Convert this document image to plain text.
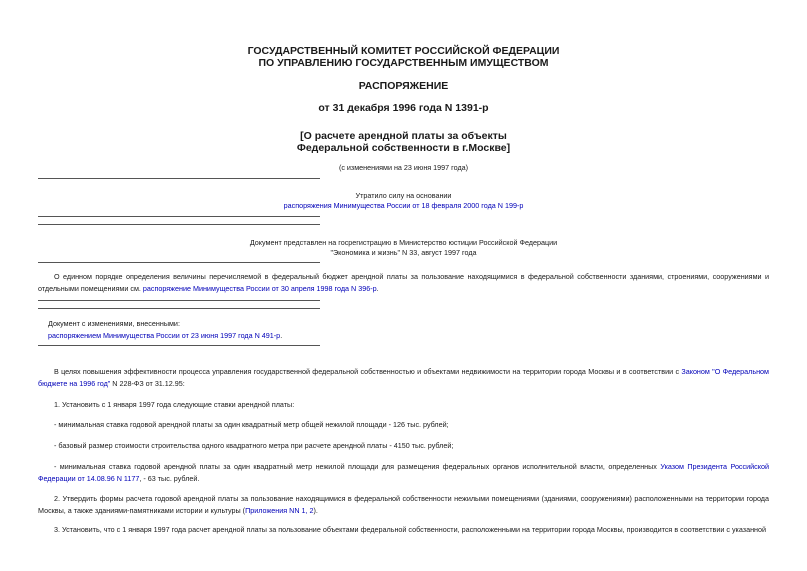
ГОСУДАРСТВЕННЫЙ КОМИТЕТ РОССИЙСКОЙ ФЕДЕРАЦИИ
ПО УПРАВЛЕНИЮ ГОСУДАРСТВЕННЫМ ИМУЩЕСТВОМ
РАСПОРЯЖЕНИЕ
от 31 декабря 1996 года N 1391-р
[О расчете арендной платы за объекты
Федеральной собственности в г.Москве]
(с изменениями на 23 июня 1997 года)
Утратило силу на основании
распоряжения Минимущества России от 18 февраля 2000 года N 199-р
Документ представлен на госрегистрацию в Министерство юстиции Российской Федерации
"Экономика и жизнь" N 33, август 1997 года
О единном порядке определения величины перечисляемой в федеральный бюджет арендной платы за пользование находящимися в федеральной собственности зданиями, строениями, сооружениями и отдельными помещениями см. распоряжение Минимущества России от 30 апреля 1998 года N 396-р.
Документ с изменениями, внесенными:
распоряжением Минимущества России от 23 июня 1997 года N 491-р.
В целях повышения эффективности процесса управления государственной федеральной собственностью и объектами недвижимости на территории города Москвы и в соответствии с Законом "О Федеральном бюджете на 1996 год" N 228-ФЗ от 31.12.95:
1. Установить с 1 января 1997 года следующие ставки арендной платы:
- минимальная ставка годовой арендной платы за один квадратный метр общей нежилой площади - 126 тыс. рублей;
- базовый размер стоимости строительства одного квадратного метра при расчете арендной платы - 4150 тыс. рублей;
- минимальная ставка годовой арендной платы за один квадратный метр нежилой площади для размещения федеральных органов исполнительной власти, определенных Указом Президента Российской Федерации от 14.08.96 N 1177, - 63 тыс. рублей.
2. Утвердить формы расчета годовой арендной платы за пользование находящимися в федеральной собственности нежилыми помещениями (зданиями, сооружениями) расположенными на территории города Москвы, а также зданиями-памятниками истории и культуры (Приложения NN 1, 2).
3. Установить, что с 1 января 1997 года расчет арендной платы за пользование объектами федеральной собственности, расположенными на территории города Москвы, производится в соответствии с указанной
